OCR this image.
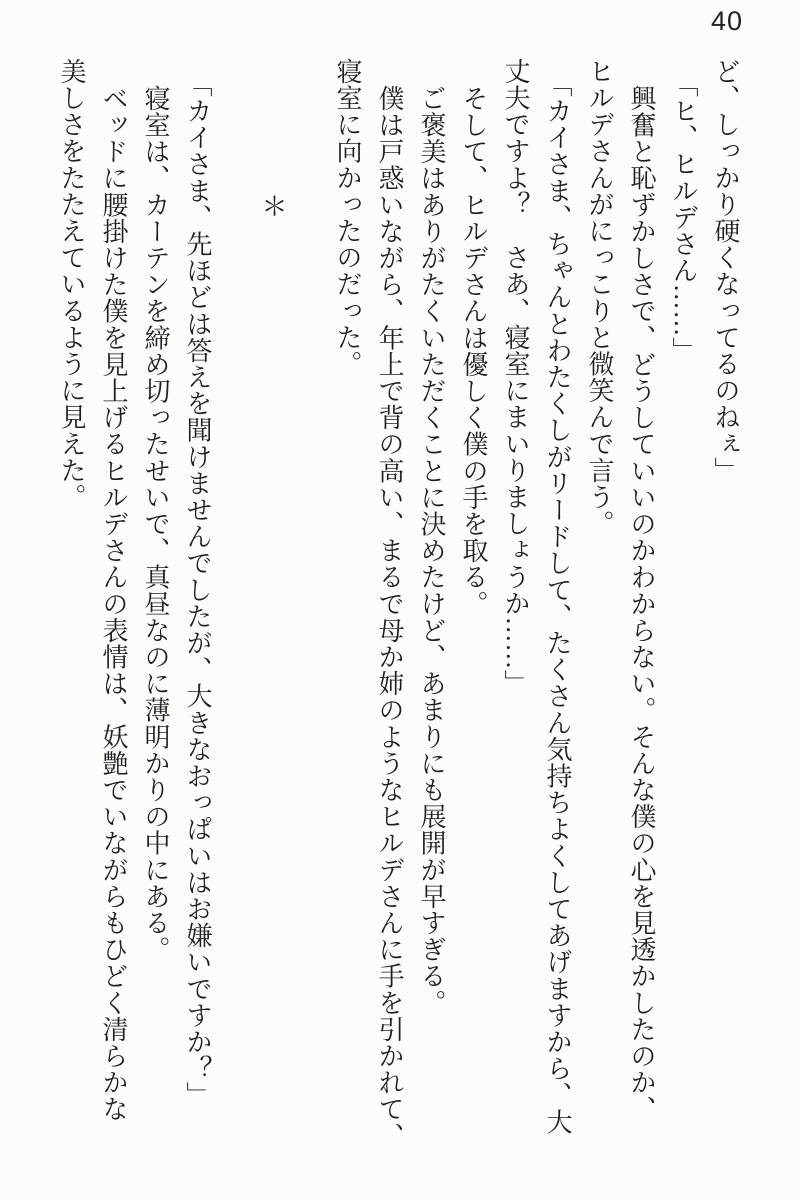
40

ど、しっかり硬くなってるのねぇ」

「ヒ、ヒルデさん……」

興奮と恥ずかしさで、どうしていいのかわからない。そんな僕の心を見透かしたのか、

ヒルデさんがにっこりと微笑んで言う。

「カイさま、ちゃんとわたくしがリードして、たくさん気持ちよくしてあげますから、大

丈夫ですよ？　さあ、寝室にまいりましょうか……」

そして、ヒルデさんは優しく僕の手を取る。

ご褒美はありがたくいただくことに決めたけど、あまりにも展開が早すぎる。

僕は戸惑いながら、年上で背の高い、まるで母か姉のようなヒルデさんに手を引かれて、

寝室に向かったのだった。

＊

「カイさま、先ほどは答えを聞けませんでしたが、大きなおっぱいはお嫌いですか？」

寝室は、カーテンを締め切ったせいで、真昼なのに薄明かりの中にある。

ベッドに腰掛けた僕を見上げるヒルデさんの表情は、妖艶でいながらもひどく清らかな

美しさをたたえているように見えた。
